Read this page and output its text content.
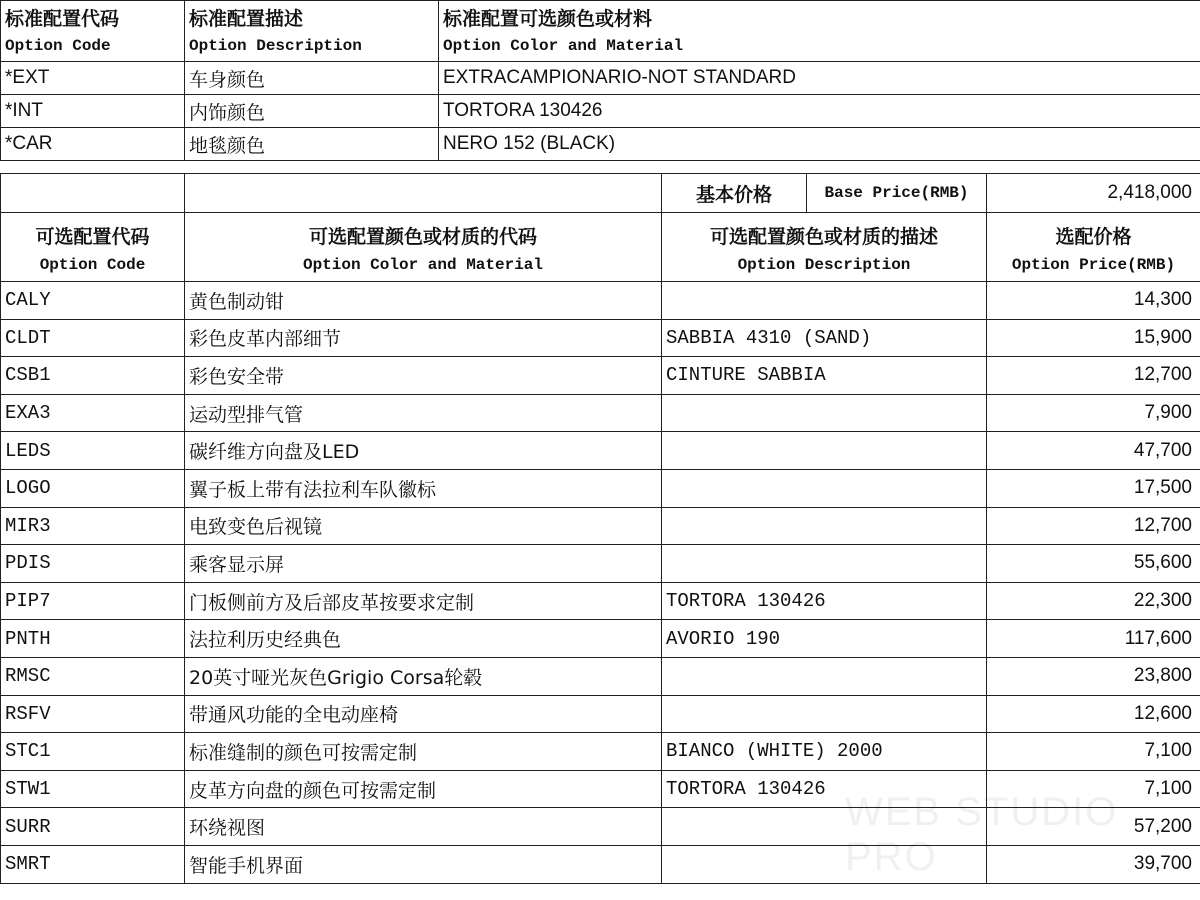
标准配置代码	标准配置描述	标准配置可选颜色或材料
Option Code	Option Description	Option Color and Material
*EXT	车身颜色	EXTRACAMPIONARIO-NOT STANDARD
*INT	内饰颜色	TORTORA 130426
*CAR	地毯颜色	NERO 152 (BLACK)
		基本价格	Base Price(RMB)	2,418,000
可选配置代码	可选配置颜色或材质的代码	可选配置颜色或材质的描述		选配价格
Option Code	Option Color and Material	Option Description		Option Price(RMB)
CALY	黄色制动钳			14,300
CLDT	彩色皮革内部细节	SABBIA 4310 (SAND)		15,900
CSB1	彩色安全带	CINTURE SABBIA		12,700
EXA3	运动型排气管			7,900
LEDS	碳纤维方向盘及LED			47,700
LOGO	翼子板上带有法拉利车队徽标			17,500
MIR3	电致变色后视镜			12,700
PDIS	乘客显示屏			55,600
PIP7	门板侧前方及后部皮革按要求定制	TORTORA 130426		22,300
PNTH	法拉利历史经典色	AVORIO 190		117,600
RMSC	20英寸哑光灰色Grigio Corsa轮毂			23,800
RSFV	带通风功能的全电动座椅			12,600
STC1	标准缝制的颜色可按需定制	BIANCO (WHITE) 2000		7,100
STW1	皮革方向盘的颜色可按需定制	TORTORA 130426		7,100
SURR	环绕视图			57,200
SMRT	智能手机界面			39,700
WEB STUDIO PRO
